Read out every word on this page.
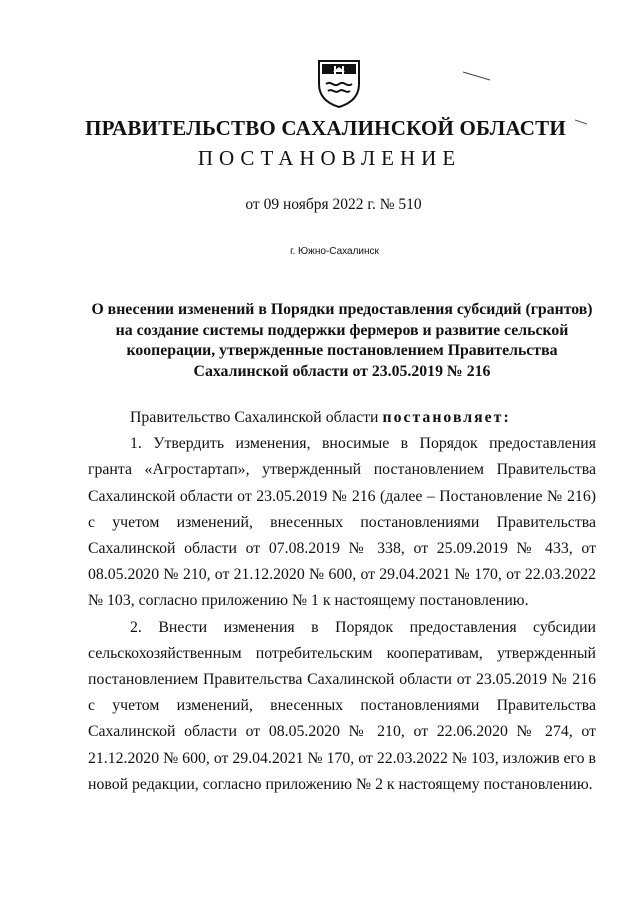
ПРАВИТЕЛЬСТВО САХАЛИНСКОЙ ОБЛАСТИ
ПОСТАНОВЛЕНИЕ
от 09 ноября 2022 г. № 510
г. Южно-Сахалинск
О внесении изменений в Порядки предоставления субсидий (грантов) на создание системы поддержки фермеров и развитие сельской кооперации, утвержденные постановлением Правительства Сахалинской области от 23.05.2019 № 216

Правительство Сахалинской области постановляет:

1. Утвердить изменения, вносимые в Порядок предоставления гранта «Агростартап», утвержденный постановлением Правительства Сахалинской области от 23.05.2019 № 216 (далее – Постановление № 216) с учетом изменений, внесенных постановлениями Правительства Сахалинской области от 07.08.2019 № 338, от 25.09.2019 № 433, от 08.05.2020 № 210, от 21.12.2020 № 600, от 29.04.2021 № 170, от 22.03.2022 № 103, согласно приложению № 1 к настоящему постановлению.

2. Внести изменения в Порядок предоставления субсидии сельскохозяйственным потребительским кооперативам, утвержденный постановлением Правительства Сахалинской области от 23.05.2019 № 216 с учетом изменений, внесенных постановлениями Правительства Сахалинской области от 08.05.2020 № 210, от 22.06.2020 № 274, от 21.12.2020 № 600, от 29.04.2021 № 170, от 22.03.2022 № 103, изложив его в новой редакции, согласно приложению № 2 к настоящему постановлению.
